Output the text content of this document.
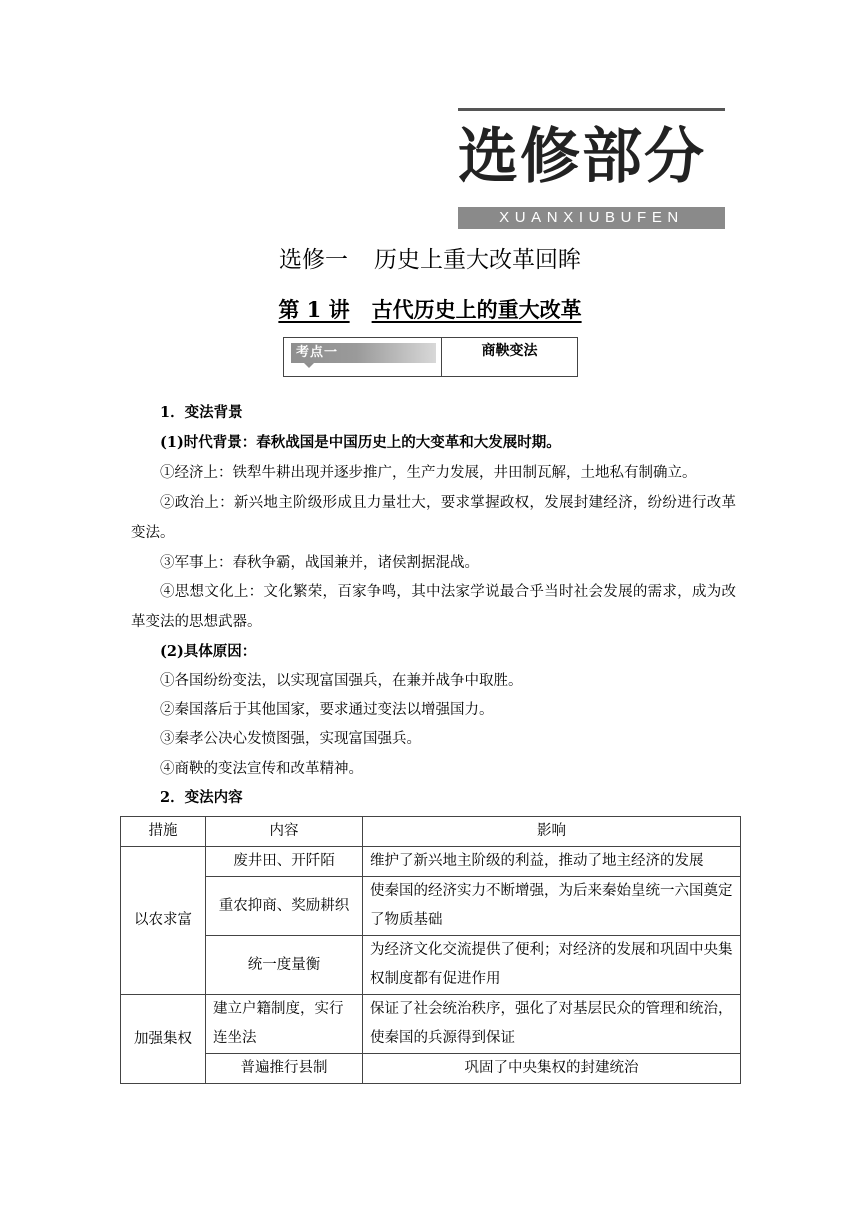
选修部分
XUANXIUBUFEN
选修一 历史上重大改革回眸
第 1 讲 古代历史上的重大改革
考点一	商鞅变法
1．变法背景
(1)时代背景：春秋战国是中国历史上的大变革和大发展时期。
①经济上：铁犁牛耕出现并逐步推广，生产力发展，井田制瓦解，土地私有制确立。
②政治上：新兴地主阶级形成且力量壮大，要求掌握政权，发展封建经济，纷纷进行改革变法。
③军事上：春秋争霸，战国兼并，诸侯割据混战。
④思想文化上：文化繁荣，百家争鸣，其中法家学说最合乎当时社会发展的需求，成为改革变法的思想武器。
(2)具体原因：
①各国纷纷变法，以实现富国强兵，在兼并战争中取胜。
②秦国落后于其他国家，要求通过变法以增强国力。
③秦孝公决心发愤图强，实现富国强兵。
④商鞅的变法宣传和改革精神。
2．变法内容
措施	内容	影响
以农求富	废井田、开阡陌	维护了新兴地主阶级的利益，推动了地主经济的发展
	重农抑商、奖励耕织	使秦国的经济实力不断增强，为后来秦始皇统一六国奠定了物质基础
	统一度量衡	为经济文化交流提供了便利；对经济的发展和巩固中央集权制度都有促进作用
加强集权	建立户籍制度，实行连坐法	保证了社会统治秩序，强化了对基层民众的管理和统治，使秦国的兵源得到保证
	普遍推行县制	巩固了中央集权的封建统治
